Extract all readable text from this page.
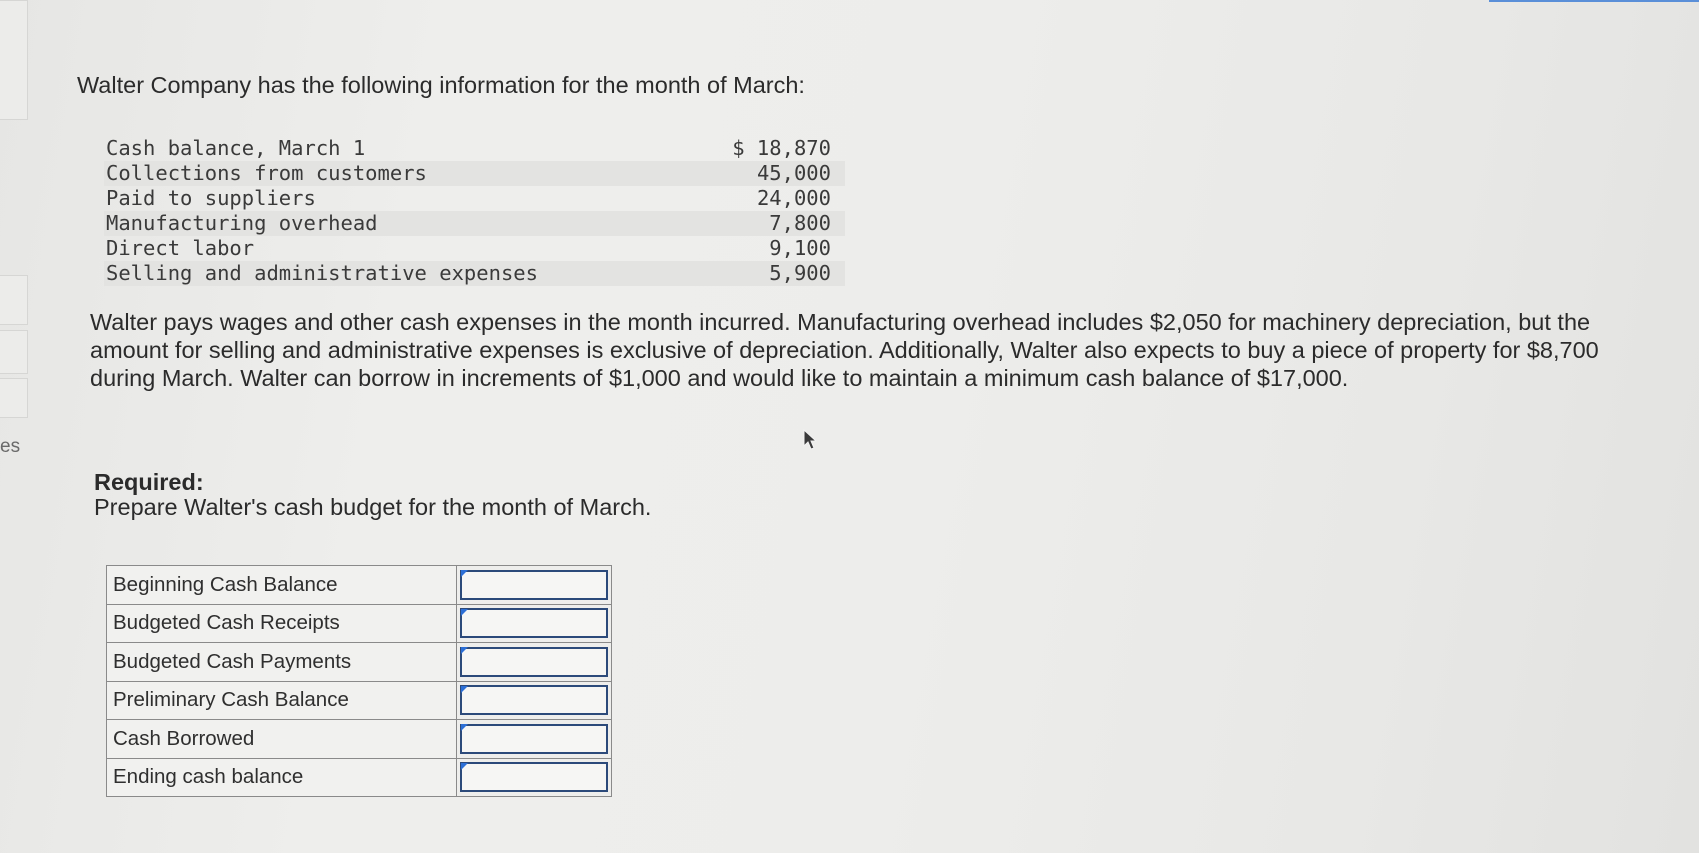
es
Walter Company has the following information for the month of March:
Cash balance, March 1	$ 18,870
Collections from customers	45,000
Paid to suppliers	24,000
Manufacturing overhead	7,800
Direct labor	9,100
Selling and administrative expenses	5,900
Walter pays wages and other cash expenses in the month incurred. Manufacturing overhead includes $2,050 for machinery depreciation, but the amount for selling and administrative expenses is exclusive of depreciation. Additionally, Walter also expects to buy a piece of property for $8,700 during March. Walter can borrow in increments of $1,000 and would like to maintain a minimum cash balance of $17,000.
Required:
Prepare Walter's cash budget for the month of March.
Beginning Cash Balance	

Budgeted Cash Receipts	

Budgeted Cash Payments	

Preliminary Cash Balance	

Cash Borrowed	

Ending cash balance	
